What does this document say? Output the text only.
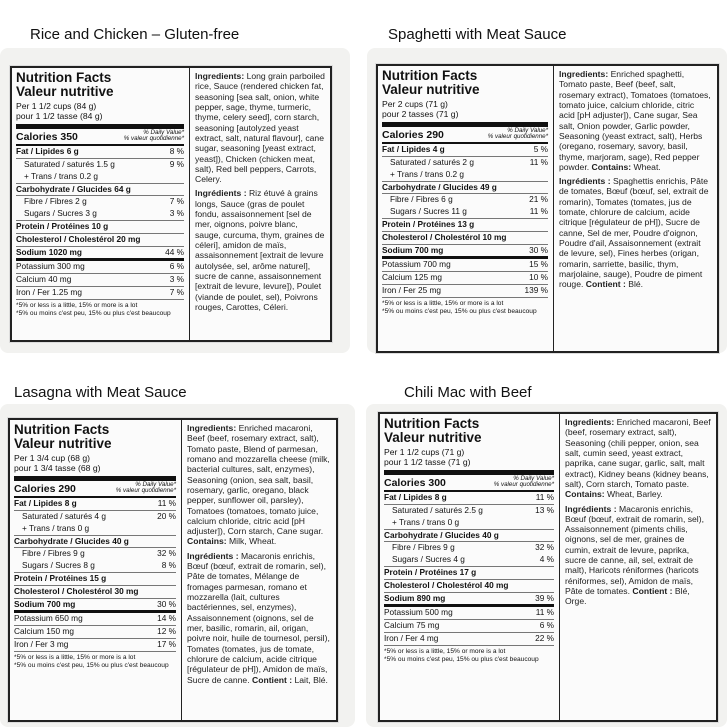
Rice and Chicken – Gluten-free
Nutrition Facts
Valeur nutritive
Per 1 1/2 cups (84 g)
pour 1 1/2 tasse (84 g)
Calories 350	% Daily Value*
% valeur quotidienne*
Fat / Lipides 6 g	8 %
Saturated / saturés 1.5 g	9 %
+ Trans / trans 0.2 g
Carbohydrate / Glucides 64 g
Fibre / Fibres 2 g	7 %
Sugars / Sucres 3 g	3 %
Protein / Protéines 10 g
Cholesterol / Cholestérol 20 mg
Sodium 1020 mg	44 %
Potassium 300 mg	6 %
Calcium 40 mg	3 %
Iron / Fer 1.25 mg	7 %
*5% or less is a little, 15% or more is a lot
*5% ou moins c'est peu, 15% ou plus c'est beaucoup

Ingredients: Long grain parboiled rice, Sauce (rendered chicken fat, seasoning [sea salt, onion, white pepper, sage, thyme, turmeric, thyme, celery seed], corn starch, seasoning [autolyzed yeast extract, salt, natural flavour], cane sugar, seasoning [yeast extract, yeast]), Chicken (chicken meat, salt), Red bell peppers, Carrots, Celery.

Ingrédients : Riz étuvé à grains longs, Sauce (gras de poulet fondu, assaisonnement [sel de mer, oignons, poivre blanc, sauge, curcuma, thym, graines de céleri], amidon de maïs, assaisonnement [extrait de levure autolysée, sel, arôme naturel], sucre de canne, assaisonnement [extrait de levure, levure]), Poulet (viande de poulet, sel), Poivrons rouges, Carottes, Céleri.

Spaghetti with Meat Sauce
Nutrition Facts
Valeur nutritive
Per 2 cups (71 g)
pour 2 tasses (71 g)
Calories 290	% Daily Value*
% valeur quotidienne*
Fat / Lipides 4 g	5 %
Saturated / saturés 2 g	11 %
+ Trans / trans 0.2 g
Carbohydrate / Glucides 49 g
Fibre / Fibres 6 g	21 %
Sugars / Sucres 11 g	11 %
Protein / Protéines 13 g
Cholesterol / Cholestérol 10 mg
Sodium 700 mg	30 %
Potassium 700 mg	15 %
Calcium 125 mg	10 %
Iron / Fer 25 mg	139 %
*5% or less is a little, 15% or more is a lot
*5% ou moins c'est peu, 15% ou plus c'est beaucoup

Ingredients: Enriched spaghetti, Tomato paste, Beef (beef, salt, rosemary extract), Tomatoes (tomatoes, tomato juice, calcium chloride, citric acid [pH adjuster]), Cane sugar, Sea salt, Onion powder, Garlic powder, Seasoning (yeast extract, salt), Herbs (oregano, rosemary, savory, basil, thyme, marjoram, sage), Red pepper powder. Contains: Wheat.

Ingrédients : Spaghettis enrichis, Pâte de tomates, Bœuf (bœuf, sel, extrait de romarin), Tomates (tomates, jus de tomate, chlorure de calcium, acide citrique [régulateur de pH]), Sucre de canne, Sel de mer, Poudre d'oignon, Poudre d'ail, Assaisonnement (extrait de levure, sel), Fines herbes (origan, romarin, sarriette, basilic, thym, marjolaine, sauge), Poudre de piment rouge. Contient : Blé.

Lasagna with Meat Sauce
Nutrition Facts
Valeur nutritive
Per 1 3/4 cup (68 g)
pour 1 3/4 tasse (68 g)
Calories 290	% Daily Value*
% valeur quotidienne*
Fat / Lipides 8 g	11 %
Saturated / saturés 4 g	20 %
+ Trans / trans 0 g
Carbohydrate / Glucides 40 g
Fibre / Fibres 9 g	32 %
Sugars / Sucres 8 g	8 %
Protein / Protéines 15 g
Cholesterol / Cholestérol 30 mg
Sodium 700 mg	30 %
Potassium 650 mg	14 %
Calcium 150 mg	12 %
Iron / Fer 3 mg	17 %
*5% or less is a little, 15% or more is a lot
*5% ou moins c'est peu, 15% ou plus c'est beaucoup

Ingredients: Enriched macaroni, Beef (beef, rosemary extract, salt), Tomato paste, Blend of parmesan, romano and mozzarella cheese (milk, bacterial cultures, salt, enzymes), Seasoning (onion, sea salt, basil, rosemary, garlic, oregano, black pepper, sunflower oil, parsley), Tomatoes (tomatoes, tomato juice, calcium chloride, citric acid [pH adjuster]), Corn starch, Cane sugar. Contains: Milk, Wheat.

Ingrédients : Macaronis enrichis, Bœuf (bœuf, extrait de romarin, sel), Pâte de tomates, Mélange de fromages parmesan, romano et mozzarella (lait, cultures bactériennes, sel, enzymes), Assaisonnement (oignons, sel de mer, basilic, romarin, ail, origan, poivre noir, huile de tournesol, persil), Tomates (tomates, jus de tomate, chlorure de calcium, acide citrique [régulateur de pH]), Amidon de maïs, Sucre de canne. Contient : Lait, Blé.

Chili Mac with Beef
Nutrition Facts
Valeur nutritive
Per 1 1/2 cups (71 g)
pour 1 1/2 tasse (71 g)
Calories 300	% Daily Value*
% valeur quotidienne*
Fat / Lipides 8 g	11 %
Saturated / saturés 2.5 g	13 %
+ Trans / trans 0 g
Carbohydrate / Glucides 40 g
Fibre / Fibres 9 g	32 %
Sugars / Sucres 4 g	4 %
Protein / Protéines 17 g
Cholesterol / Cholestérol 40 mg
Sodium 890 mg	39 %
Potassium 500 mg	11 %
Calcium 75 mg	6 %
Iron / Fer 4 mg	22 %
*5% or less is a little, 15% or more is a lot
*5% ou moins c'est peu, 15% ou plus c'est beaucoup

Ingredients: Enriched macaroni, Beef (beef, rosemary extract, salt), Seasoning (chili pepper, onion, sea salt, cumin seed, yeast extract, paprika, cane sugar, garlic, salt, malt extract), Kidney beans (kidney beans, salt), Corn starch, Tomato paste. Contains: Wheat, Barley.

Ingrédients : Macaronis enrichis, Bœuf (bœuf, extrait de romarin, sel), Assaisonnement (piments chilis, oignons, sel de mer, graines de cumin, extrait de levure, paprika, sucre de canne, ail, sel, extrait de malt), Haricots réniformes (haricots réniformes, sel), Amidon de maïs, Pâte de tomates. Contient : Blé, Orge.
